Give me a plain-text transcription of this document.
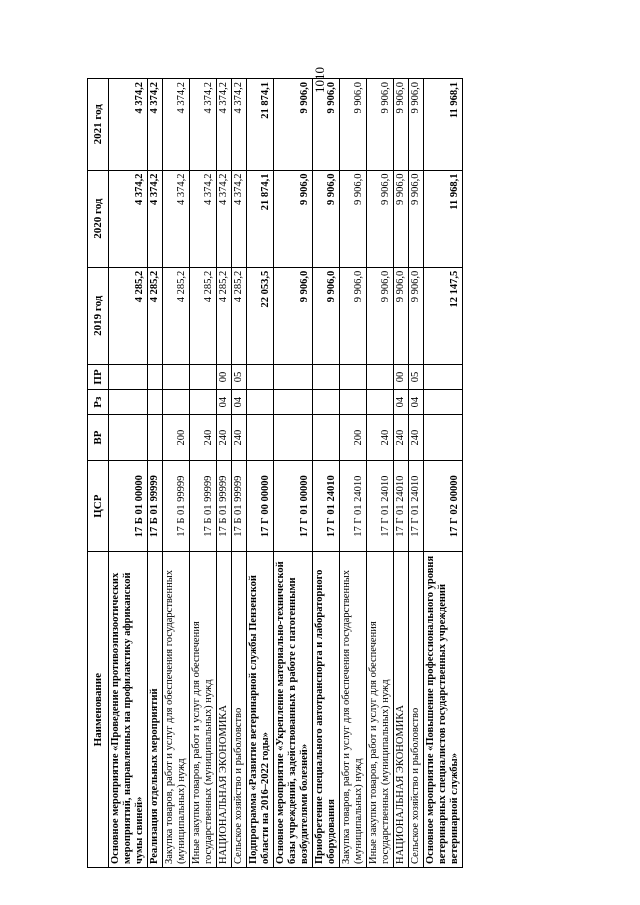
1010
Наименование	ЦСР	ВР	Рз	ПР	2019 год	2020 год	2021 год
Основное мероприятие «Проведение противоэпизоотических мероприятий, направленных на профилактику африканской чумы свиней»	17 Б 01 00000				4 285,2	4 374,2	4 374,2
Реализация отдельных мероприятий	17 Б 01 99999				4 285,2	4 374,2	4 374,2
Закупка товаров, работ и услуг для обеспечения государственных (муниципальных) нужд	17 Б 01 99999	200			4 285,2	4 374,2	4 374,2
Иные закупки товаров, работ и услуг для обеспечения государственных (муниципальных) нужд	17 Б 01 99999	240			4 285,2	4 374,2	4 374,2
НАЦИОНАЛЬНАЯ ЭКОНОМИКА	17 Б 01 99999	240	04	00	4 285,2	4 374,2	4 374,2
Сельское хозяйство и рыболовство	17 Б 01 99999	240	04	05	4 285,2	4 374,2	4 374,2
Подпрограмма «Развитие ветеринарной службы Пензенской области на 2016–2022 годы»	17 Г 00 00000				22 053,5	21 874,1	21 874,1
Основное мероприятие «Укрепление материально-технической базы учреждений, задействованных в работе с патогенными возбудителями болезней»	17 Г 01 00000				9 906,0	9 906,0	9 906,0
Приобретение специального автотранспорта и лабораторного оборудования	17 Г 01 24010				9 906,0	9 906,0	9 906,0
Закупка товаров, работ и услуг для обеспечения государственных (муниципальных) нужд	17 Г 01 24010	200			9 906,0	9 906,0	9 906,0
Иные закупки товаров, работ и услуг для обеспечения государственных (муниципальных) нужд	17 Г 01 24010	240			9 906,0	9 906,0	9 906,0
НАЦИОНАЛЬНАЯ ЭКОНОМИКА	17 Г 01 24010	240	04	00	9 906,0	9 906,0	9 906,0
Сельское хозяйство и рыболовство	17 Г 01 24010	240	04	05	9 906,0	9 906,0	9 906,0
Основное мероприятие «Повышение профессионального уровня ветеринарных специалистов государственных учреждений ветеринарной службы»	17 Г 02 00000				12 147,5	11 968,1	11 968,1
